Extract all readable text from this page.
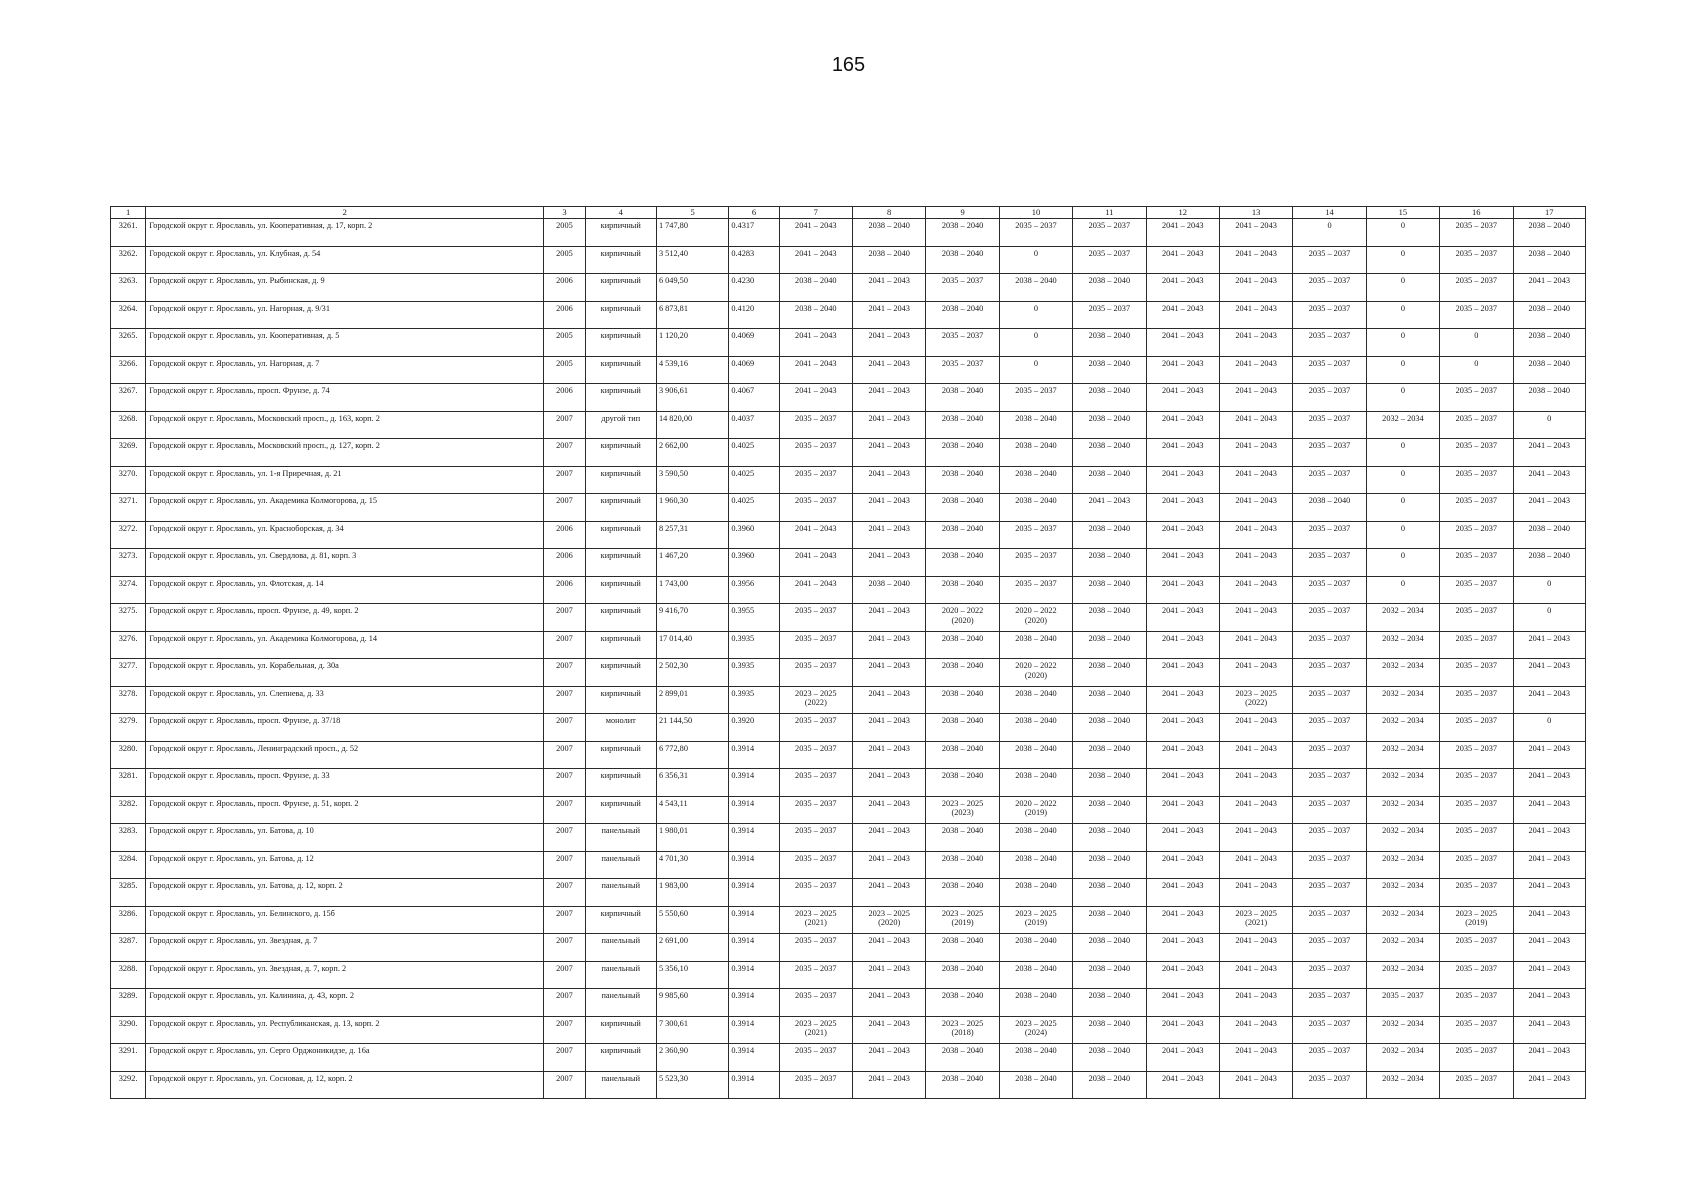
165
1	2	3	4	5	6	7	8	9	10	11	12	13	14	15	16	17
3261.	Городской округ г. Ярославль, ул. Кооперативная, д. 17, корп. 2	2005	кирпичный	1 747,80	0.4317	2041 – 2043	2038 – 2040	2038 – 2040	2035 – 2037	2035 – 2037	2041 – 2043	2041 – 2043	0	0	2035 – 2037	2038 – 2040
3262.	Городской округ г. Ярославль, ул. Клубная, д. 54	2005	кирпичный	3 512,40	0.4283	2041 – 2043	2038 – 2040	2038 – 2040	0	2035 – 2037	2041 – 2043	2041 – 2043	2035 – 2037	0	2035 – 2037	2038 – 2040
3263.	Городской округ г. Ярославль, ул. Рыбинская, д. 9	2006	кирпичный	6 049,50	0.4230	2038 – 2040	2041 – 2043	2035 – 2037	2038 – 2040	2038 – 2040	2041 – 2043	2041 – 2043	2035 – 2037	0	2035 – 2037	2041 – 2043
3264.	Городской округ г. Ярославль, ул. Нагорная, д. 9/31	2006	кирпичный	6 873,81	0.4120	2038 – 2040	2041 – 2043	2038 – 2040	0	2035 – 2037	2041 – 2043	2041 – 2043	2035 – 2037	0	2035 – 2037	2038 – 2040
3265.	Городской округ г. Ярославль, ул. Кооперативная, д. 5	2005	кирпичный	1 120,20	0.4069	2041 – 2043	2041 – 2043	2035 – 2037	0	2038 – 2040	2041 – 2043	2041 – 2043	2035 – 2037	0	0	2038 – 2040
3266.	Городской округ г. Ярославль, ул. Нагорная, д. 7	2005	кирпичный	4 539,16	0.4069	2041 – 2043	2041 – 2043	2035 – 2037	0	2038 – 2040	2041 – 2043	2041 – 2043	2035 – 2037	0	0	2038 – 2040
3267.	Городской округ г. Ярославль, просп. Фрунзе, д. 74	2006	кирпичный	3 906,61	0.4067	2041 – 2043	2041 – 2043	2038 – 2040	2035 – 2037	2038 – 2040	2041 – 2043	2041 – 2043	2035 – 2037	0	2035 – 2037	2038 – 2040
3268.	Городской округ г. Ярославль, Московский просп., д. 163, корп. 2	2007	другой тип	14 820,00	0.4037	2035 – 2037	2041 – 2043	2038 – 2040	2038 – 2040	2038 – 2040	2041 – 2043	2041 – 2043	2035 – 2037	2032 – 2034	2035 – 2037	0
3269.	Городской округ г. Ярославль, Московский просп., д. 127, корп. 2	2007	кирпичный	2 662,00	0.4025	2035 – 2037	2041 – 2043	2038 – 2040	2038 – 2040	2038 – 2040	2041 – 2043	2041 – 2043	2035 – 2037	0	2035 – 2037	2041 – 2043
3270.	Городской округ г. Ярославль, ул. 1-я Приречная, д. 21	2007	кирпичный	3 590,50	0.4025	2035 – 2037	2041 – 2043	2038 – 2040	2038 – 2040	2038 – 2040	2041 – 2043	2041 – 2043	2035 – 2037	0	2035 – 2037	2041 – 2043
3271.	Городской округ г. Ярославль, ул. Академика Колмогорова, д. 15	2007	кирпичный	1 960,30	0.4025	2035 – 2037	2041 – 2043	2038 – 2040	2038 – 2040	2041 – 2043	2041 – 2043	2041 – 2043	2038 – 2040	0	2035 – 2037	2041 – 2043
3272.	Городской округ г. Ярославль, ул. Красноборская, д. 34	2006	кирпичный	8 257,31	0.3960	2041 – 2043	2041 – 2043	2038 – 2040	2035 – 2037	2038 – 2040	2041 – 2043	2041 – 2043	2035 – 2037	0	2035 – 2037	2038 – 2040
3273.	Городской округ г. Ярославль, ул. Свердлова, д. 81, корп. 3	2006	кирпичный	1 467,20	0.3960	2041 – 2043	2041 – 2043	2038 – 2040	2035 – 2037	2038 – 2040	2041 – 2043	2041 – 2043	2035 – 2037	0	2035 – 2037	2038 – 2040
3274.	Городской округ г. Ярославль, ул. Флотская, д. 14	2006	кирпичный	1 743,00	0.3956	2041 – 2043	2038 – 2040	2038 – 2040	2035 – 2037	2038 – 2040	2041 – 2043	2041 – 2043	2035 – 2037	0	2035 – 2037	0
3275.	Городской округ г. Ярославль, просп. Фрунзе, д. 49, корп. 2	2007	кирпичный	9 416,70	0.3955	2035 – 2037	2041 – 2043	2020 – 2022
(2020)	2020 – 2022
(2020)	2038 – 2040	2041 – 2043	2041 – 2043	2035 – 2037	2032 – 2034	2035 – 2037	0
3276.	Городской округ г. Ярославль, ул. Академика Колмогорова, д. 14	2007	кирпичный	17 014,40	0.3935	2035 – 2037	2041 – 2043	2038 – 2040	2038 – 2040	2038 – 2040	2041 – 2043	2041 – 2043	2035 – 2037	2032 – 2034	2035 – 2037	2041 – 2043
3277.	Городской округ г. Ярославль, ул. Корабельная, д. 30а	2007	кирпичный	2 502,30	0.3935	2035 – 2037	2041 – 2043	2038 – 2040	2020 – 2022
(2020)	2038 – 2040	2041 – 2043	2041 – 2043	2035 – 2037	2032 – 2034	2035 – 2037	2041 – 2043
3278.	Городской округ г. Ярославль, ул. Слепнева, д. 33	2007	кирпичный	2 899,01	0.3935	2023 – 2025
(2022)	2041 – 2043	2038 – 2040	2038 – 2040	2038 – 2040	2041 – 2043	2023 – 2025
(2022)	2035 – 2037	2032 – 2034	2035 – 2037	2041 – 2043
3279.	Городской округ г. Ярославль, просп. Фрунзе, д. 37/18	2007	монолит	21 144,50	0.3920	2035 – 2037	2041 – 2043	2038 – 2040	2038 – 2040	2038 – 2040	2041 – 2043	2041 – 2043	2035 – 2037	2032 – 2034	2035 – 2037	0
3280.	Городской округ г. Ярославль, Ленинградский просп., д. 52	2007	кирпичный	6 772,80	0.3914	2035 – 2037	2041 – 2043	2038 – 2040	2038 – 2040	2038 – 2040	2041 – 2043	2041 – 2043	2035 – 2037	2032 – 2034	2035 – 2037	2041 – 2043
3281.	Городской округ г. Ярославль, просп. Фрунзе, д. 33	2007	кирпичный	6 356,31	0.3914	2035 – 2037	2041 – 2043	2038 – 2040	2038 – 2040	2038 – 2040	2041 – 2043	2041 – 2043	2035 – 2037	2032 – 2034	2035 – 2037	2041 – 2043
3282.	Городской округ г. Ярославль, просп. Фрунзе, д. 51, корп. 2	2007	кирпичный	4 543,11	0.3914	2035 – 2037	2041 – 2043	2023 – 2025
(2023)	2020 – 2022
(2019)	2038 – 2040	2041 – 2043	2041 – 2043	2035 – 2037	2032 – 2034	2035 – 2037	2041 – 2043
3283.	Городской округ г. Ярославль, ул. Батова, д. 10	2007	панельный	1 980,01	0.3914	2035 – 2037	2041 – 2043	2038 – 2040	2038 – 2040	2038 – 2040	2041 – 2043	2041 – 2043	2035 – 2037	2032 – 2034	2035 – 2037	2041 – 2043
3284.	Городской округ г. Ярославль, ул. Батова, д. 12	2007	панельный	4 701,30	0.3914	2035 – 2037	2041 – 2043	2038 – 2040	2038 – 2040	2038 – 2040	2041 – 2043	2041 – 2043	2035 – 2037	2032 – 2034	2035 – 2037	2041 – 2043
3285.	Городской округ г. Ярославль, ул. Батова, д. 12, корп. 2	2007	панельный	1 983,00	0.3914	2035 – 2037	2041 – 2043	2038 – 2040	2038 – 2040	2038 – 2040	2041 – 2043	2041 – 2043	2035 – 2037	2032 – 2034	2035 – 2037	2041 – 2043
3286.	Городской округ г. Ярославль, ул. Белинского, д. 15б	2007	кирпичный	5 550,60	0.3914	2023 – 2025
(2021)	2023 – 2025
(2020)	2023 – 2025
(2019)	2023 – 2025
(2019)	2038 – 2040	2041 – 2043	2023 – 2025
(2021)	2035 – 2037	2032 – 2034	2023 – 2025
(2019)	2041 – 2043
3287.	Городской округ г. Ярославль, ул. Звездная, д. 7	2007	панельный	2 691,00	0.3914	2035 – 2037	2041 – 2043	2038 – 2040	2038 – 2040	2038 – 2040	2041 – 2043	2041 – 2043	2035 – 2037	2032 – 2034	2035 – 2037	2041 – 2043
3288.	Городской округ г. Ярославль, ул. Звездная, д. 7, корп. 2	2007	панельный	5 356,10	0.3914	2035 – 2037	2041 – 2043	2038 – 2040	2038 – 2040	2038 – 2040	2041 – 2043	2041 – 2043	2035 – 2037	2032 – 2034	2035 – 2037	2041 – 2043
3289.	Городской округ г. Ярославль, ул. Калинина, д. 43, корп. 2	2007	панельный	9 985,60	0.3914	2035 – 2037	2041 – 2043	2038 – 2040	2038 – 2040	2038 – 2040	2041 – 2043	2041 – 2043	2035 – 2037	2035 – 2037	2035 – 2037	2041 – 2043
3290.	Городской округ г. Ярославль, ул. Республиканская, д. 13, корп. 2	2007	кирпичный	7 300,61	0.3914	2023 – 2025
(2021)	2041 – 2043	2023 – 2025
(2018)	2023 – 2025
(2024)	2038 – 2040	2041 – 2043	2041 – 2043	2035 – 2037	2032 – 2034	2035 – 2037	2041 – 2043
3291.	Городской округ г. Ярославль, ул. Серго Орджоникидзе, д. 16а	2007	кирпичный	2 360,90	0.3914	2035 – 2037	2041 – 2043	2038 – 2040	2038 – 2040	2038 – 2040	2041 – 2043	2041 – 2043	2035 – 2037	2032 – 2034	2035 – 2037	2041 – 2043
3292.	Городской округ г. Ярославль, ул. Сосновая, д. 12, корп. 2	2007	панельный	5 523,30	0.3914	2035 – 2037	2041 – 2043	2038 – 2040	2038 – 2040	2038 – 2040	2041 – 2043	2041 – 2043	2035 – 2037	2032 – 2034	2035 – 2037	2041 – 2043
